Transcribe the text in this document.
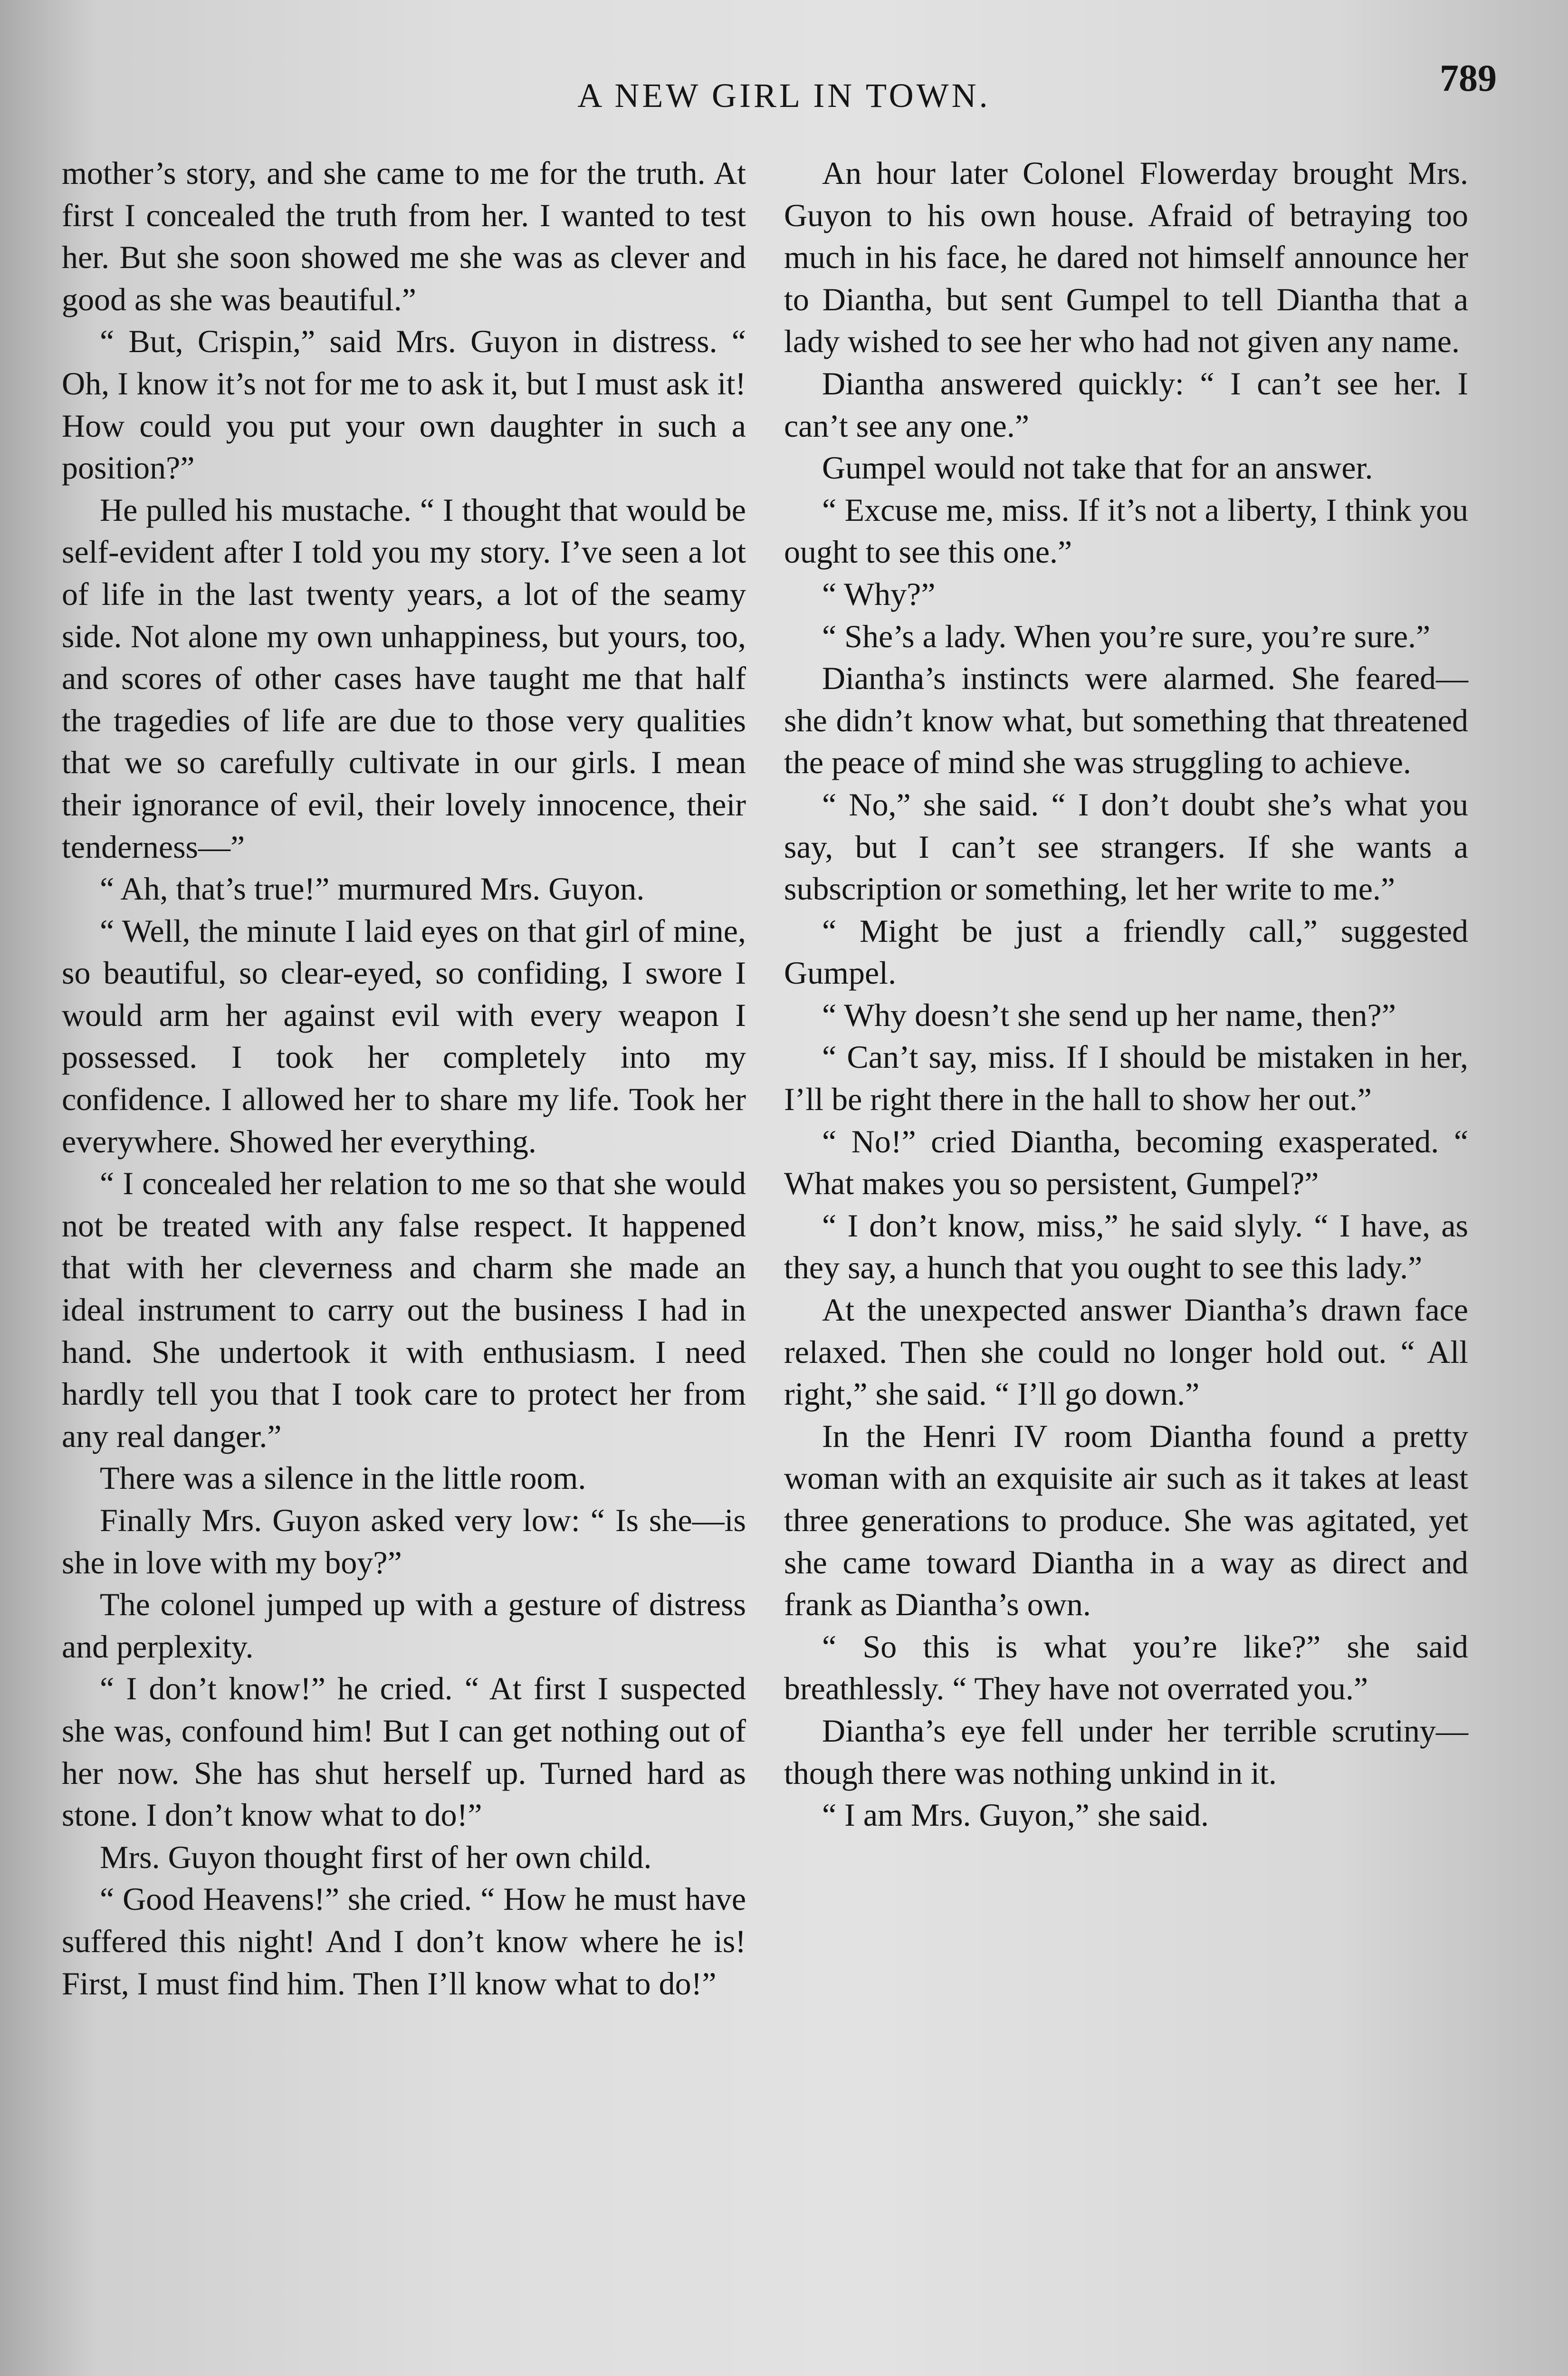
A NEW GIRL IN TOWN.	789

mother’s story, and she came to me for the truth. At first I concealed the truth from her. I wanted to test her. But she soon showed me she was as clever and good as she was beautiful.”

“ But, Crispin,” said Mrs. Guyon in distress. “ Oh, I know it’s not for me to ask it, but I must ask it! How could you put your own daughter in such a position?”

He pulled his mustache. “ I thought that would be self-evident after I told you my story. I’ve seen a lot of life in the last twenty years, a lot of the seamy side. Not alone my own unhappiness, but yours, too, and scores of other cases have taught me that half the tragedies of life are due to those very qualities that we so carefully cultivate in our girls. I mean their ignorance of evil, their lovely innocence, their tenderness—”

“ Ah, that’s true!” murmured Mrs. Guyon.

“ Well, the minute I laid eyes on that girl of mine, so beautiful, so clear-eyed, so confiding, I swore I would arm her against evil with every weapon I possessed. I took her completely into my confidence. I allowed her to share my life. Took her everywhere. Showed her everything.

“ I concealed her relation to me so that she would not be treated with any false respect. It happened that with her cleverness and charm she made an ideal instrument to carry out the business I had in hand. She undertook it with enthusiasm. I need hardly tell you that I took care to protect her from any real danger.”

There was a silence in the little room.

Finally Mrs. Guyon asked very low: “ Is she—is she in love with my boy?”

The colonel jumped up with a gesture of distress and perplexity.

“ I don’t know!” he cried. “ At first I suspected she was, confound him! But I can get nothing out of her now. She has shut herself up. Turned hard as stone. I don’t know what to do!”

Mrs. Guyon thought first of her own child.

“ Good Heavens!” she cried. “ How he must have suffered this night! And I don’t know where he is! First, I must find him. Then I’ll know what to do!”

An hour later Colonel Flowerday brought Mrs. Guyon to his own house. Afraid of betraying too much in his face, he dared not himself announce her to Diantha, but sent Gumpel to tell Diantha that a lady wished to see her who had not given any name.

Diantha answered quickly: “ I can’t see her. I can’t see any one.”

Gumpel would not take that for an answer.

“ Excuse me, miss. If it’s not a liberty, I think you ought to see this one.”

“ Why?”

“ She’s a lady. When you’re sure, you’re sure.”

Diantha’s instincts were alarmed. She feared—she didn’t know what, but something that threatened the peace of mind she was struggling to achieve.

“ No,” she said. “ I don’t doubt she’s what you say, but I can’t see strangers. If she wants a subscription or something, let her write to me.”

“ Might be just a friendly call,” suggested Gumpel.

“ Why doesn’t she send up her name, then?”

“ Can’t say, miss. If I should be mistaken in her, I’ll be right there in the hall to show her out.”

“ No!” cried Diantha, becoming exasperated. “ What makes you so persistent, Gumpel?”

“ I don’t know, miss,” he said slyly. “ I have, as they say, a hunch that you ought to see this lady.”

At the unexpected answer Diantha’s drawn face relaxed. Then she could no longer hold out. “ All right,” she said. “ I’ll go down.”

In the Henri IV room Diantha found a pretty woman with an exquisite air such as it takes at least three generations to produce. She was agitated, yet she came toward Diantha in a way as direct and frank as Diantha’s own.

“ So this is what you’re like?” she said breathlessly. “ They have not overrated you.”

Diantha’s eye fell under her terrible scrutiny—though there was nothing unkind in it.

“ I am Mrs. Guyon,” she said.
